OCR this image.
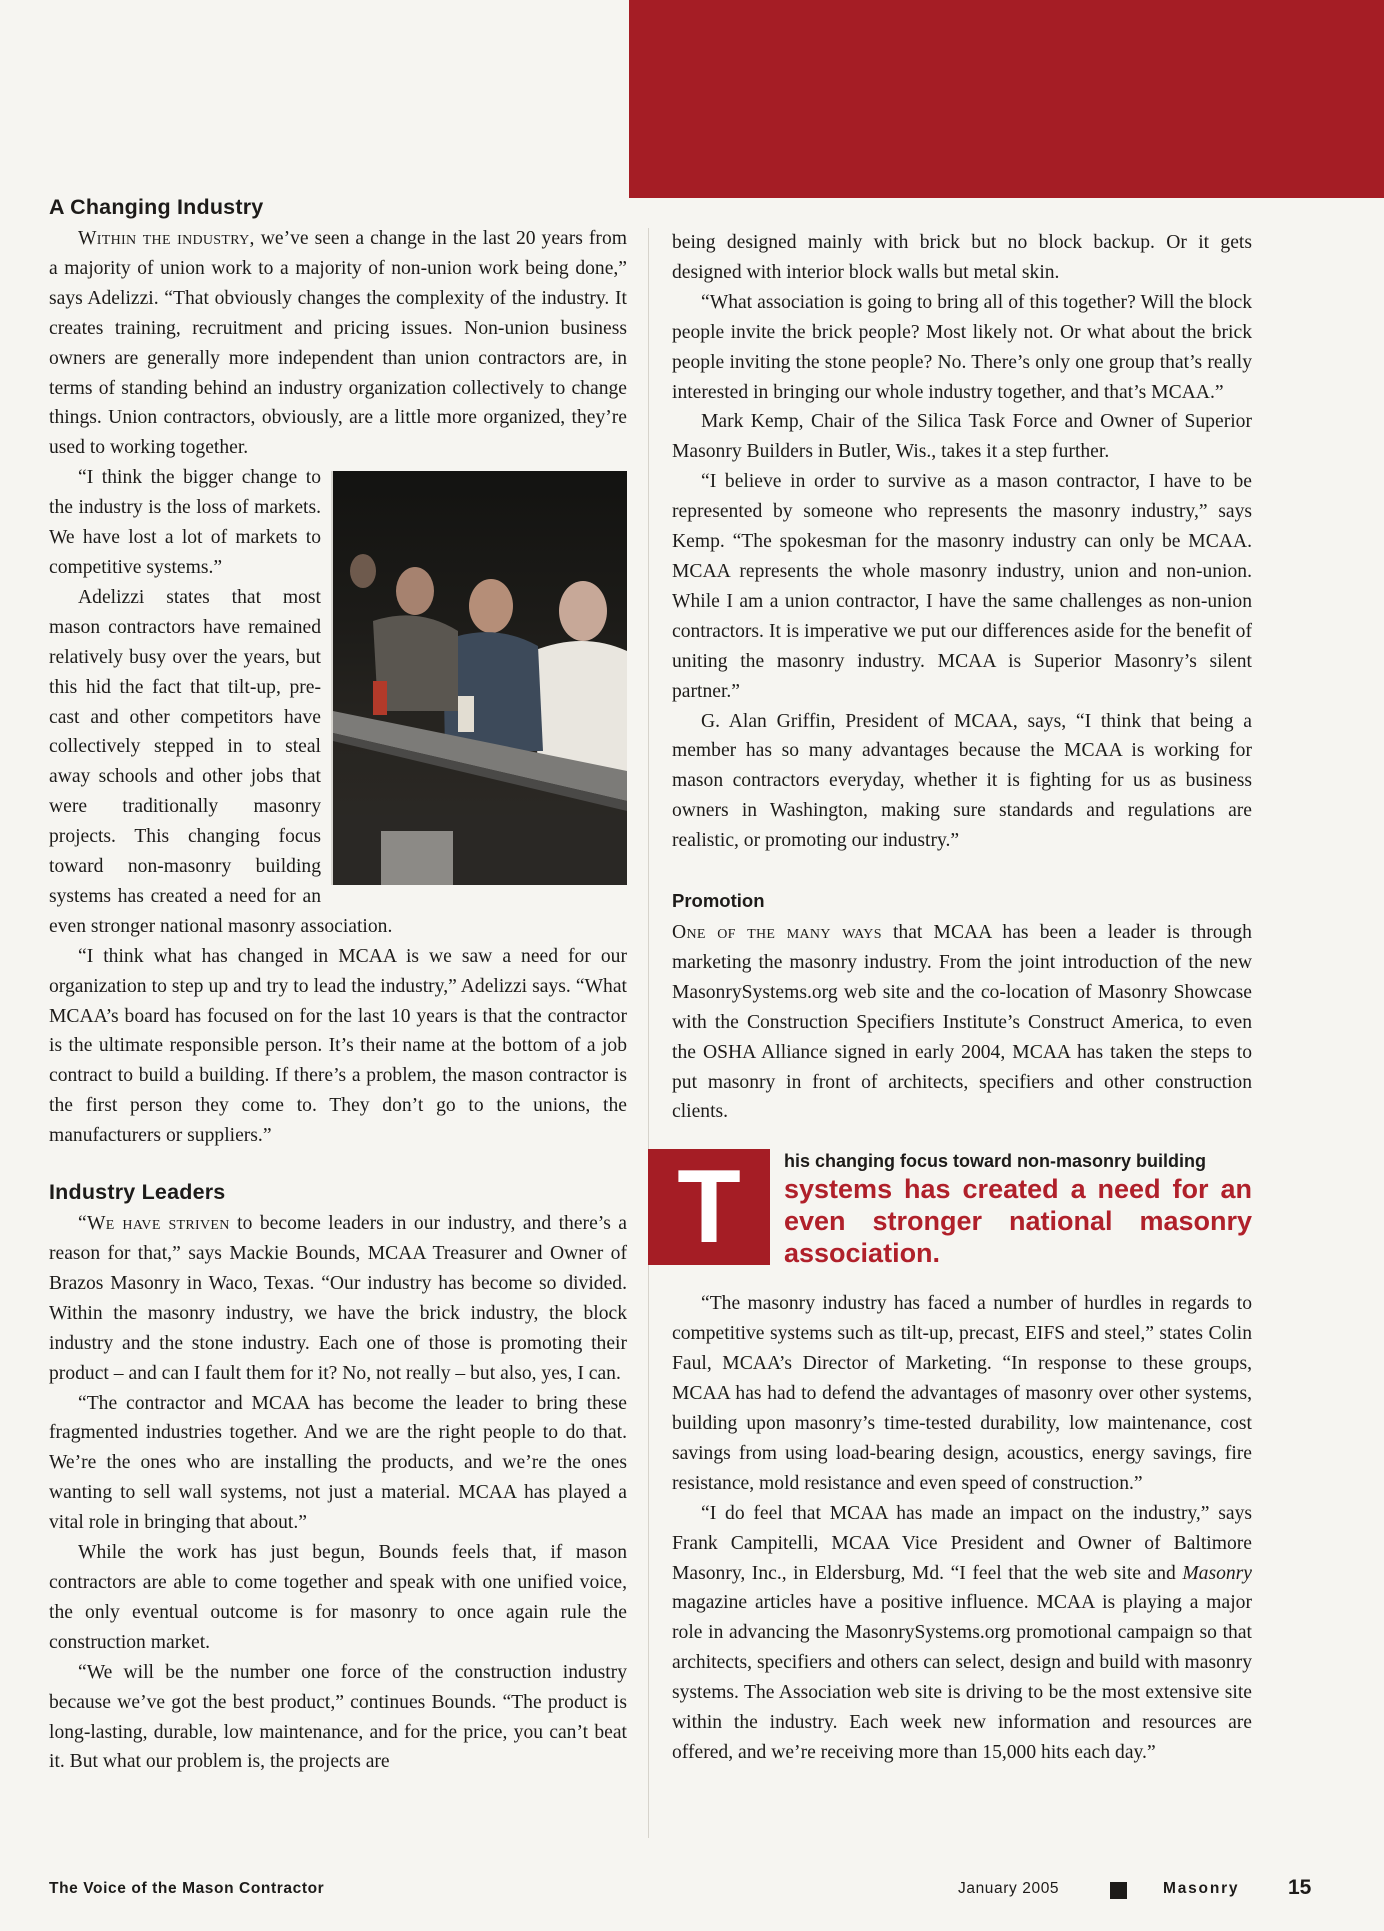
A Changing Industry

Within the industry, we’ve seen a change in the last 20 years from a majority of union work to a majority of non-union work being done,” says Adelizzi. “That obviously changes the complexity of the industry. It creates training, recruitment and pricing issues. Non-union business owners are generally more independent than union contractors are, in terms of standing behind an industry organization collectively to change things. Union contractors, obviously, are a little more organized, they’re used to working together.

“I think the bigger change to the industry is the loss of markets. We have lost a lot of markets to competitive systems.”

Adelizzi states that most mason contractors have remained relatively busy over the years, but this hid the fact that tilt-up, pre-cast and other competitors have collectively stepped in to steal away schools and other jobs that were traditionally masonry projects. This changing focus toward non-masonry building systems has created a need for an even stronger national masonry association.

“I think what has changed in MCAA is we saw a need for our organization to step up and try to lead the industry,” Adelizzi says. “What MCAA’s board has focused on for the last 10 years is that the contractor is the ultimate responsible person. It’s their name at the bottom of a job contract to build a building. If there’s a problem, the mason contractor is the first person they come to. They don’t go to the unions, the manufacturers or suppliers.”

Industry Leaders

“We have striven to become leaders in our industry, and there’s a reason for that,” says Mackie Bounds, MCAA Treasurer and Owner of Brazos Masonry in Waco, Texas. “Our industry has become so divided. Within the masonry industry, we have the brick industry, the block industry and the stone industry. Each one of those is promoting their product – and can I fault them for it? No, not really – but also, yes, I can.

“The contractor and MCAA has become the leader to bring these fragmented industries together. And we are the right people to do that. We’re the ones who are installing the products, and we’re the ones wanting to sell wall systems, not just a material. MCAA has played a vital role in bringing that about.”

While the work has just begun, Bounds feels that, if mason contractors are able to come together and speak with one unified voice, the only eventual outcome is for masonry to once again rule the construction market.

“We will be the number one force of the construction industry because we’ve got the best product,” continues Bounds. “The product is long-lasting, durable, low maintenance, and for the price, you can’t beat it. But what our problem is, the projects are

being designed mainly with brick but no block backup. Or it gets designed with interior block walls but metal skin.

“What association is going to bring all of this together? Will the block people invite the brick people? Most likely not. Or what about the brick people inviting the stone people? No. There’s only one group that’s really interested in bringing our whole industry together, and that’s MCAA.”

Mark Kemp, Chair of the Silica Task Force and Owner of Superior Masonry Builders in Butler, Wis., takes it a step further.

“I believe in order to survive as a mason contractor, I have to be represented by someone who represents the masonry industry,” says Kemp. “The spokesman for the masonry industry can only be MCAA. MCAA represents the whole masonry industry, union and non-union. While I am a union contractor, I have the same challenges as non-union contractors. It is imperative we put our differences aside for the benefit of uniting the masonry industry. MCAA is Superior Masonry’s silent partner.”

G. Alan Griffin, President of MCAA, says, “I think that being a member has so many advantages because the MCAA is working for mason contractors everyday, whether it is fighting for us as business owners in Washington, making sure standards and regulations are realistic, or promoting our industry.”

Promotion

One of the many ways that MCAA has been a leader is through marketing the masonry industry. From the joint introduction of the new MasonrySystems.org web site and the co-location of Masonry Showcase with the Construction Specifiers Institute’s Construct America, to even the OSHA Alliance signed in early 2004, MCAA has taken the steps to put masonry in front of architects, specifiers and other construction clients.

T	his changing focus toward non-masonry building
systems has created a need for an even stronger national masonry association.

“The masonry industry has faced a number of hurdles in regards to competitive systems such as tilt-up, precast, EIFS and steel,” states Colin Faul, MCAA’s Director of Marketing. “In response to these groups, MCAA has had to defend the advantages of masonry over other systems, building upon masonry’s time-tested durability, low maintenance, cost savings from using load-bearing design, acoustics, energy savings, fire resistance, mold resistance and even speed of construction.”

“I do feel that MCAA has made an impact on the industry,” says Frank Campitelli, MCAA Vice President and Owner of Baltimore Masonry, Inc., in Eldersburg, Md. “I feel that the web site and Masonry magazine articles have a positive influence. MCAA is playing a major role in advancing the MasonrySystems.org promotional campaign so that architects, specifiers and others can select, design and build with masonry systems. The Association web site is driving to be the most extensive site within the industry. Each week new information and resources are offered, and we’re receiving more than 15,000 hits each day.”

The Voice of the Mason Contractor	January 2005	Masonry 15
